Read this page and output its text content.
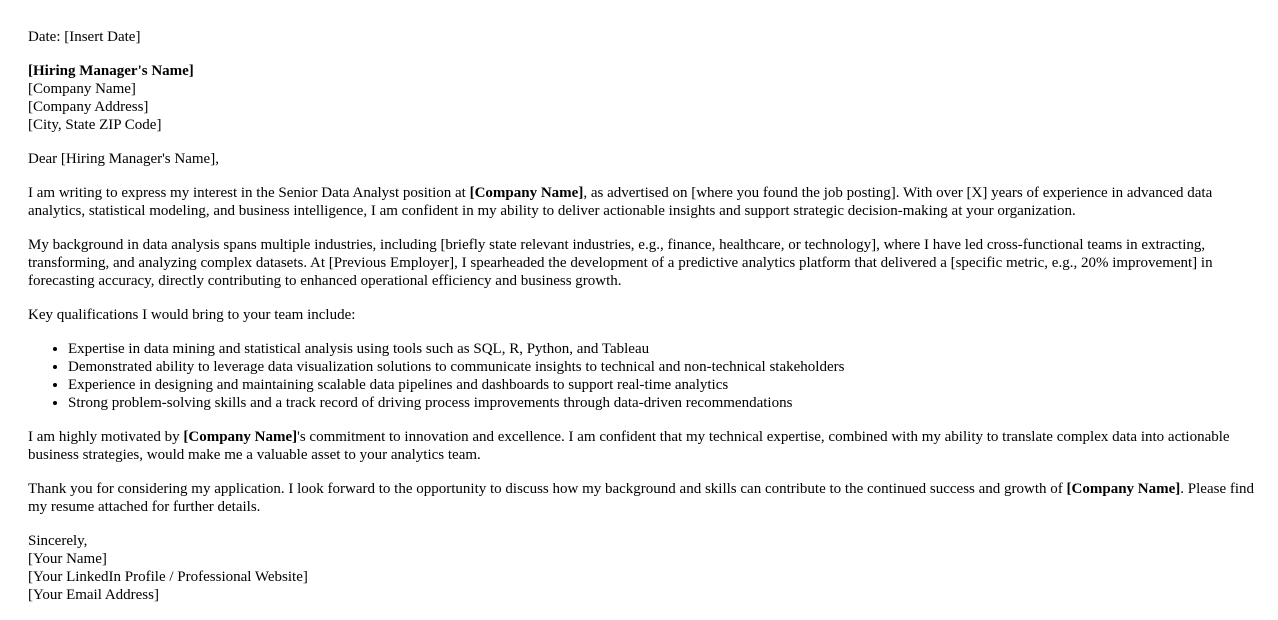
Date: [Insert Date]

[Hiring Manager's Name]
[Company Name]
[Company Address]
[City, State ZIP Code]

Dear [Hiring Manager's Name],

I am writing to express my interest in the Senior Data Analyst position at [Company Name], as advertised on [where you found the job posting]. With over [X] years of experience in advanced data analytics, statistical modeling, and business intelligence, I am confident in my ability to deliver actionable insights and support strategic decision-making at your organization.

My background in data analysis spans multiple industries, including [briefly state relevant industries, e.g., finance, healthcare, or technology], where I have led cross-functional teams in extracting, transforming, and analyzing complex datasets. At [Previous Employer], I spearheaded the development of a predictive analytics platform that delivered a [specific metric, e.g., 20% improvement] in forecasting accuracy, directly contributing to enhanced operational efficiency and business growth.

Key qualifications I would bring to your team include:

• Expertise in data mining and statistical analysis using tools such as SQL, R, Python, and Tableau
• Demonstrated ability to leverage data visualization solutions to communicate insights to technical and non-technical stakeholders
• Experience in designing and maintaining scalable data pipelines and dashboards to support real-time analytics
• Strong problem-solving skills and a track record of driving process improvements through data-driven recommendations

I am highly motivated by [Company Name]'s commitment to innovation and excellence. I am confident that my technical expertise, combined with my ability to translate complex data into actionable business strategies, would make me a valuable asset to your analytics team.

Thank you for considering my application. I look forward to the opportunity to discuss how my background and skills can contribute to the continued success and growth of [Company Name]. Please find my resume attached for further details.

Sincerely,
[Your Name]
[Your LinkedIn Profile / Professional Website]
[Your Email Address]
